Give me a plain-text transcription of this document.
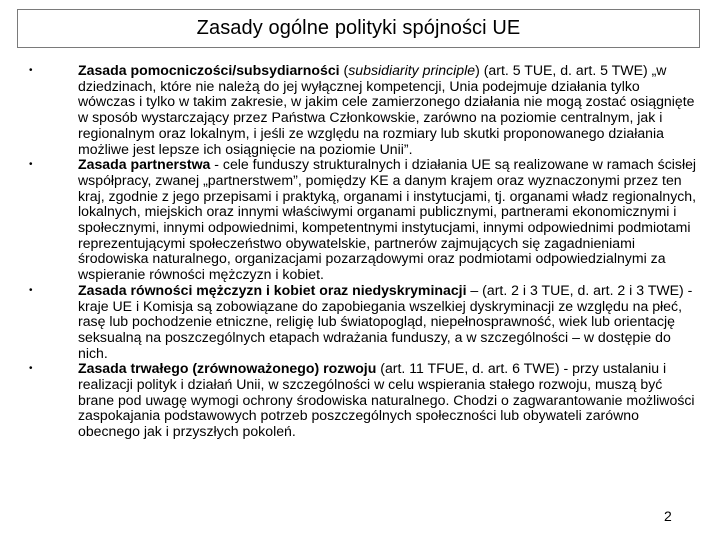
Zasady ogólne polityki spójności UE
•	Zasada pomocniczości/subsydiarności (subsidiarity principle) (art. 5 TUE, d. art. 5 TWE) „w dziedzinach, które nie należą do jej wyłącznej kompetencji, Unia podejmuje działania tylko wówczas i tylko w takim zakresie, w jakim cele zamierzonego działania nie mogą zostać osiągnięte w sposób wystarczający przez Państwa Członkowskie, zarówno na poziomie centralnym, jak i regionalnym oraz lokalnym, i jeśli ze względu na rozmiary lub skutki proponowanego działania możliwe jest lepsze ich osiągnięcie na poziomie Unii”.
•	Zasada partnerstwa - cele funduszy strukturalnych i działania UE są realizowane w ramach ścisłej współpracy, zwanej „partnerstwem”, pomiędzy KE a danym krajem oraz wyznaczonymi przez ten kraj, zgodnie z jego przepisami i praktyką, organami i instytucjami, tj. organami władz regionalnych, lokalnych, miejskich oraz innymi właściwymi organami publicznymi, partnerami ekonomicznymi i społecznymi, innymi odpowiednimi, kompetentnymi instytucjami, innymi odpowiednimi podmiotami reprezentującymi społeczeństwo obywatelskie, partnerów zajmujących się zagadnieniami środowiska naturalnego, organizacjami pozarządowymi oraz podmiotami odpowiedzialnymi za wspieranie równości mężczyzn i kobiet.
•	Zasada równości mężczyzn i kobiet oraz niedyskryminacji – (art. 2 i 3 TUE, d. art. 2 i 3 TWE) - kraje UE i Komisja są zobowiązane do zapobiegania wszelkiej dyskryminacji ze względu na płeć, rasę lub pochodzenie etniczne, religię lub światopogląd, niepełnosprawność, wiek lub orientację seksualną na poszczególnych etapach wdrażania funduszy, a w szczególności – w dostępie do nich.
•	Zasada trwałego (zrównoważonego) rozwoju (art. 11 TFUE, d. art. 6 TWE) - przy ustalaniu i realizacji polityk i działań Unii, w szczególności w celu wspierania stałego rozwoju, muszą być brane pod uwagę wymogi ochrony środowiska naturalnego. Chodzi o zagwarantowanie możliwości zaspokajania podstawowych potrzeb poszczególnych społeczności lub obywateli zarówno obecnego jak i przyszłych pokoleń.
2
